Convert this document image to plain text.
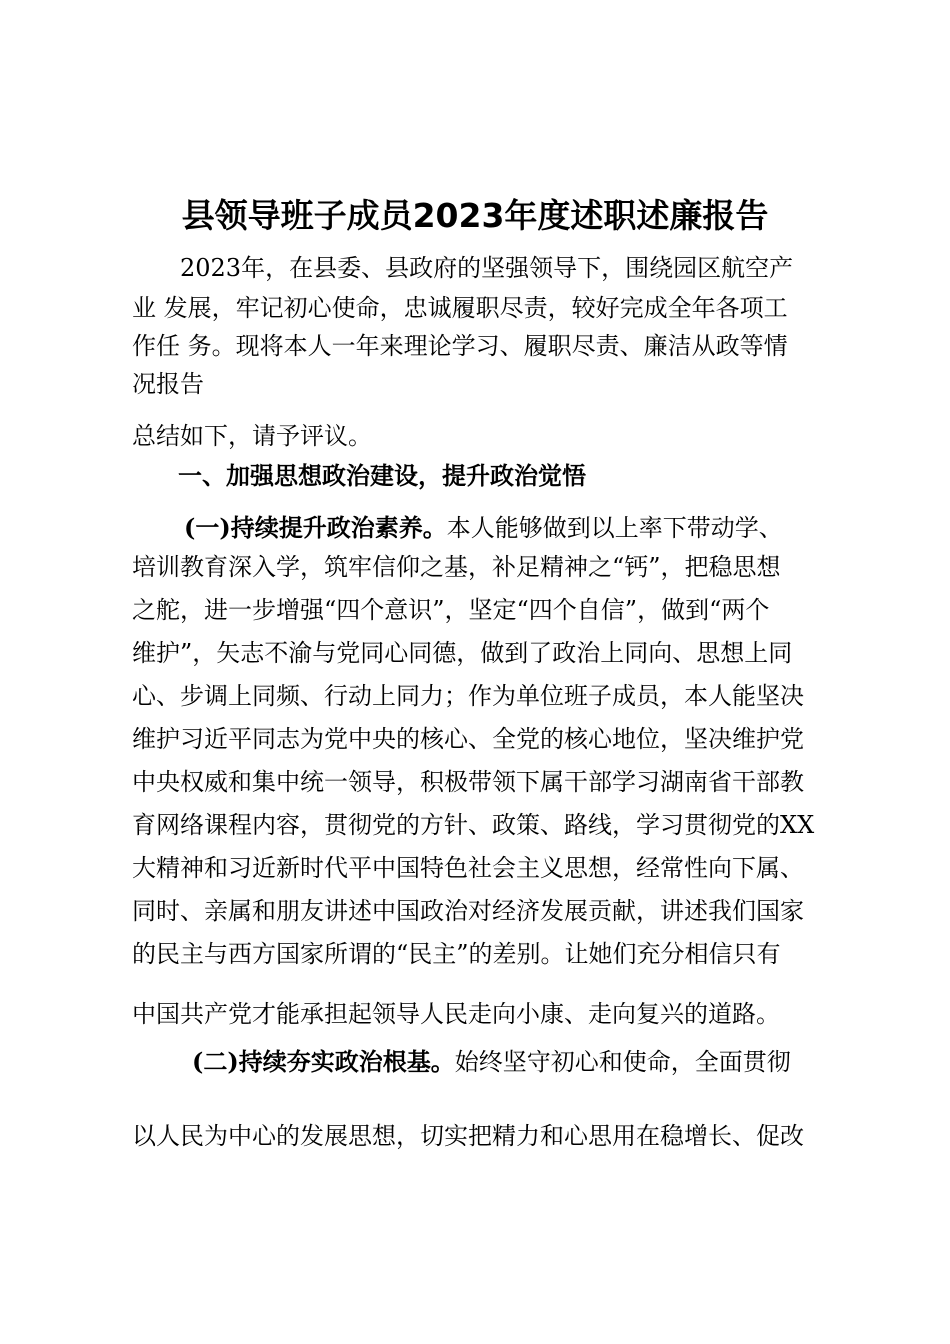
县领导班子成员2023年度述职述廉报告

2023年，在县委、县政府的坚强领导下，围绕园区航空产

业 发展，牢记初心使命，忠诚履职尽责，较好完成全年各项工

作任 务。现将本人一年来理论学习、履职尽责、廉洁从政等情

况报告

总结如下，请予评议。

一、加强思想政治建设，提升政治觉悟

(一)持续提升政治素养。本人能够做到以上率下带动学、

培训教育深入学，筑牢信仰之基，补足精神之“钙”，把稳思想

之舵，进一步增强“四个意识”，坚定“四个自信”，做到“两个

维护”，矢志不渝与党同心同德，做到了政治上同向、思想上同

心、步调上同频、行动上同力；作为单位班子成员，本人能坚决

维护习近平同志为党中央的核心、全党的核心地位，坚决维护党

中央权威和集中统一领导，积极带领下属干部学习湖南省干部教

育网络课程内容，贯彻党的方针、政策、路线，学习贯彻党的XX

大精神和习近新时代平中国特色社会主义思想，经常性向下属、

同时、亲属和朋友讲述中国政治对经济发展贡献，讲述我们国家

的民主与西方国家所谓的“民主”的差别。让她们充分相信只有

中国共产党才能承担起领导人民走向小康、走向复兴的道路。

(二)持续夯实政治根基。始终坚守初心和使命，全面贯彻

以人民为中心的发展思想，切实把精力和心思用在稳增长、促改
